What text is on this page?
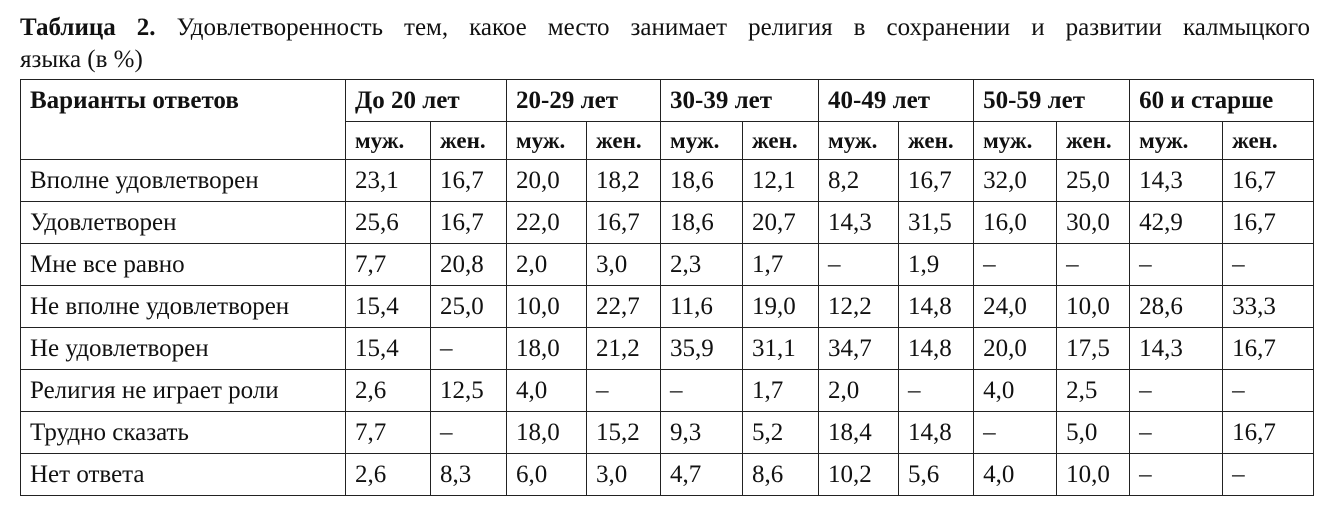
Таблица 2. Удовлетворенность тем, какое место занимает религия в сохранении и развитии калмыцкого
языка (в %)
Варианты ответов	До 20 лет		20-29 лет		30-39 лет		40-49 лет		50-59 лет		60 и старше	
	муж.	жен.	муж.	жен.	муж.	жен.	муж.	жен.	муж.	жен.	муж.	жен.
Вполне удовлетворен	23,1	16,7	20,0	18,2	18,6	12,1	8,2	16,7	32,0	25,0	14,3	16,7
Удовлетворен	25,6	16,7	22,0	16,7	18,6	20,7	14,3	31,5	16,0	30,0	42,9	16,7
Мне все равно	7,7	20,8	2,0	3,0	2,3	1,7	–	1,9	–	–	–	–
Не вполне удовлетворен	15,4	25,0	10,0	22,7	11,6	19,0	12,2	14,8	24,0	10,0	28,6	33,3
Не удовлетворен	15,4	–	18,0	21,2	35,9	31,1	34,7	14,8	20,0	17,5	14,3	16,7
Религия не играет роли	2,6	12,5	4,0	–	–	1,7	2,0	–	4,0	2,5	–	–
Трудно сказать	7,7	–	18,0	15,2	9,3	5,2	18,4	14,8	–	5,0	–	16,7
Нет ответа	2,6	8,3	6,0	3,0	4,7	8,6	10,2	5,6	4,0	10,0	–	–
